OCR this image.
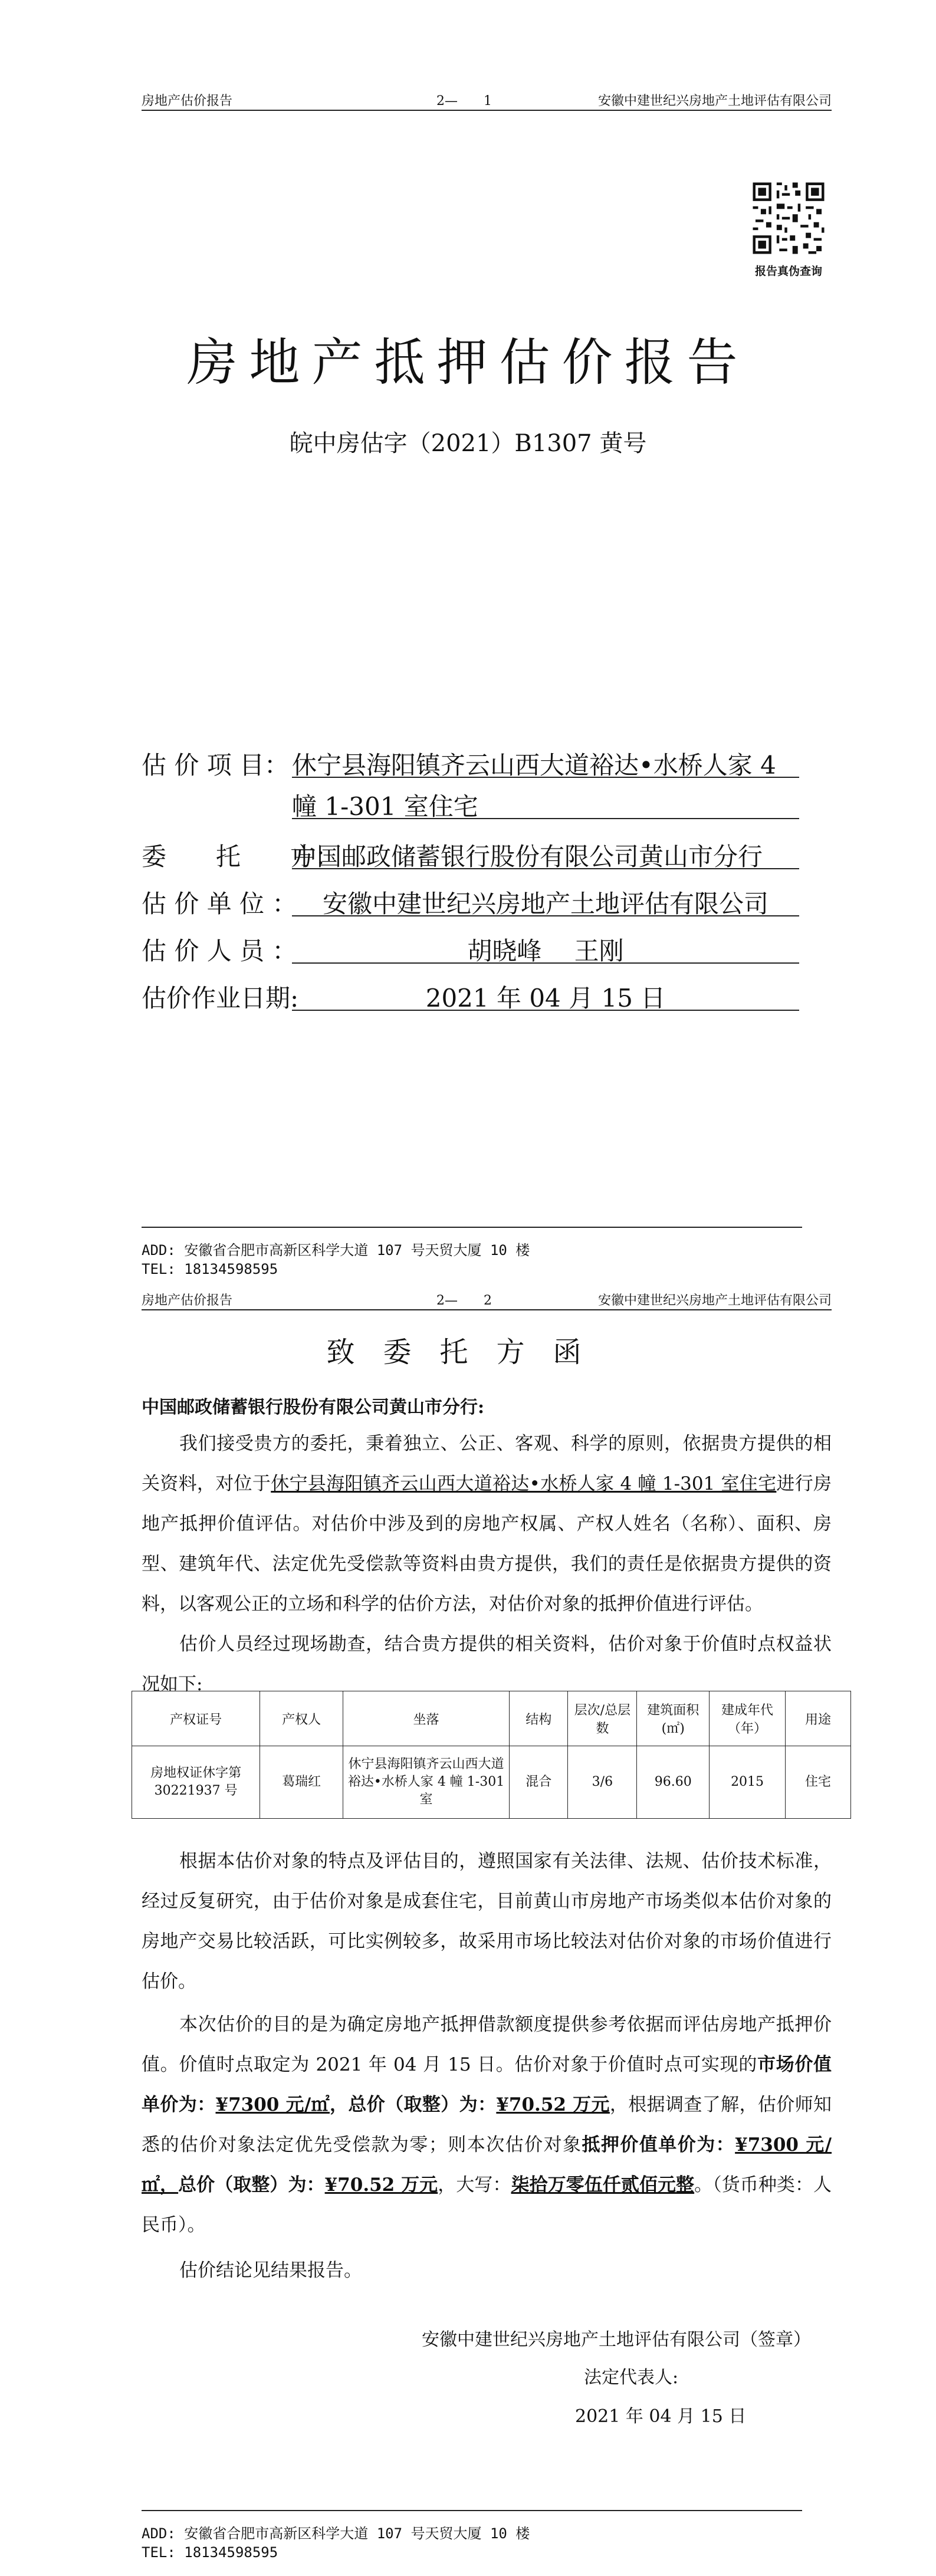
房地产估价报告	2—　　1	安徽中建世纪兴房地产土地评估有限公司
报告真伪查询
房地产抵押估价报告
皖中房估字（2021）B1307 黄号
估 价 项 目： 休宁县海阳镇齐云山西大道裕达•水桥人家 4
幢 1-301 室住宅
委　　托　　方：
中国邮政储蓄银行股份有限公司黄山市分行
估 价 单 位 ：	安徽中建世纪兴房地产土地评估有限公司
估 价 人 员 ：	胡晓峰　 王刚
估价作业日期:	2021 年 04 月 15 日
ADD: 安徽省合肥市高新区科学大道 107 号天贸大厦 10 楼
TEL: 18134598595
房地产估价报告	2—　　2	安徽中建世纪兴房地产土地评估有限公司
致委托方函
中国邮政储蓄银行股份有限公司黄山市分行:

我们接受贵方的委托，秉着独立、公正、客观、科学的原则，依据贵方提供的相关资料，对位于休宁县海阳镇齐云山西大道裕达•水桥人家 4 幢 1-301 室住宅进行房地产抵押价值评估。对估价中涉及到的房地产权属、产权人姓名（名称）、面积、房型、建筑年代、法定优先受偿款等资料由贵方提供，我们的责任是依据贵方提供的资料，以客观公正的立场和科学的估价方法，对估价对象的抵押价值进行评估。

估价人员经过现场勘查，结合贵方提供的相关资料，估价对象于价值时点权益状况如下:

产权证号	产权人	坐落	结构	层次/总层数	建筑面积(㎡)	建成年代（年）	用途
房地权证休字第 30221937 号	葛瑞红	休宁县海阳镇齐云山西大道裕达•水桥人家 4 幢 1-301 室	混合	3/6	96.60	2015	住宅

根据本估价对象的特点及评估目的，遵照国家有关法律、法规、估价技术标准，经过反复研究，由于估价对象是成套住宅，目前黄山市房地产市场类似本估价对象的房地产交易比较活跃，可比实例较多，故采用市场比较法对估价对象的市场价值进行估价。

本次估价的目的是为确定房地产抵押借款额度提供参考依据而评估房地产抵押价值。价值时点取定为 2021 年 04 月 15 日。估价对象于价值时点可实现的市场价值单价为：¥7300 元/㎡，总价（取整）为：¥70.52 万元，根据调查了解，估价师知悉的估价对象法定优先受偿款为零；则本次估价对象抵押价值单价为：¥7300 元/㎡，总价（取整）为：¥70.52 万元，大写：柒拾万零伍仟贰佰元整。（货币种类：人民币）。

估价结论见结果报告。

安徽中建世纪兴房地产土地评估有限公司（签章）
法定代表人:
2021 年 04 月 15 日
ADD: 安徽省合肥市高新区科学大道 107 号天贸大厦 10 楼
TEL: 18134598595
